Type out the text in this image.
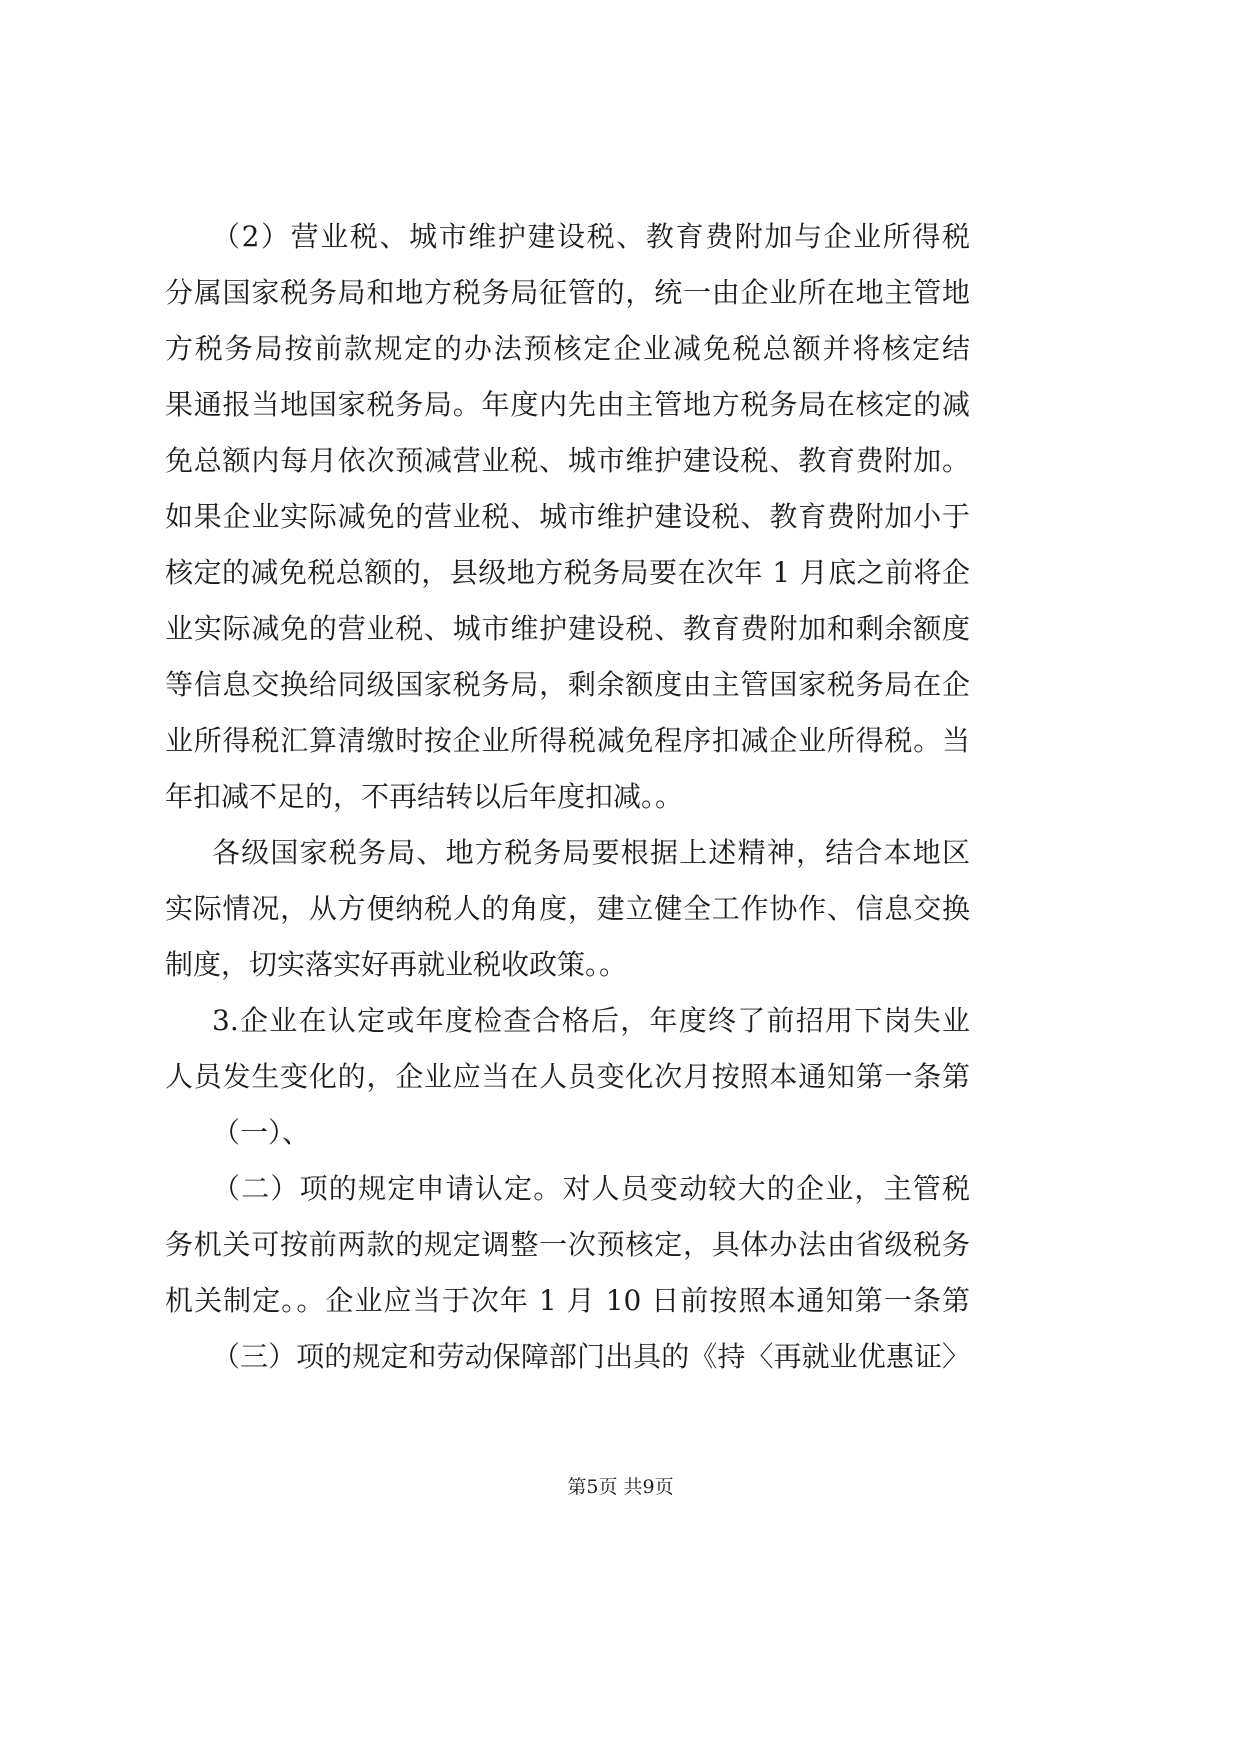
（2）营业税、城市维护建设税、教育费附加与企业所得税
分属国家税务局和地方税务局征管的，统一由企业所在地主管地
方税务局按前款规定的办法预核定企业减免税总额并将核定结
果通报当地国家税务局。年度内先由主管地方税务局在核定的减
免总额内每月依次预减营业税、城市维护建设税、教育费附加。
如果企业实际减免的营业税、城市维护建设税、教育费附加小于
核定的减免税总额的，县级地方税务局要在次年 1 月底之前将企
业实际减免的营业税、城市维护建设税、教育费附加和剩余额度
等信息交换给同级国家税务局，剩余额度由主管国家税务局在企
业所得税汇算清缴时按企业所得税减免程序扣减企业所得税。当
年扣减不足的，不再结转以后年度扣减。。
各级国家税务局、地方税务局要根据上述精神，结合本地区
实际情况，从方便纳税人的角度，建立健全工作协作、信息交换
制度，切实落实好再就业税收政策。。
3.企业在认定或年度检查合格后，年度终了前招用下岗失业
人员发生变化的，企业应当在人员变化次月按照本通知第一条第
（一）、
（二）项的规定申请认定。对人员变动较大的企业，主管税
务机关可按前两款的规定调整一次预核定，具体办法由省级税务
机关制定。。企业应当于次年 1 月 10 日前按照本通知第一条第
（三）项的规定和劳动保障部门出具的《持〈再就业优惠证〉
第5页 共9页
